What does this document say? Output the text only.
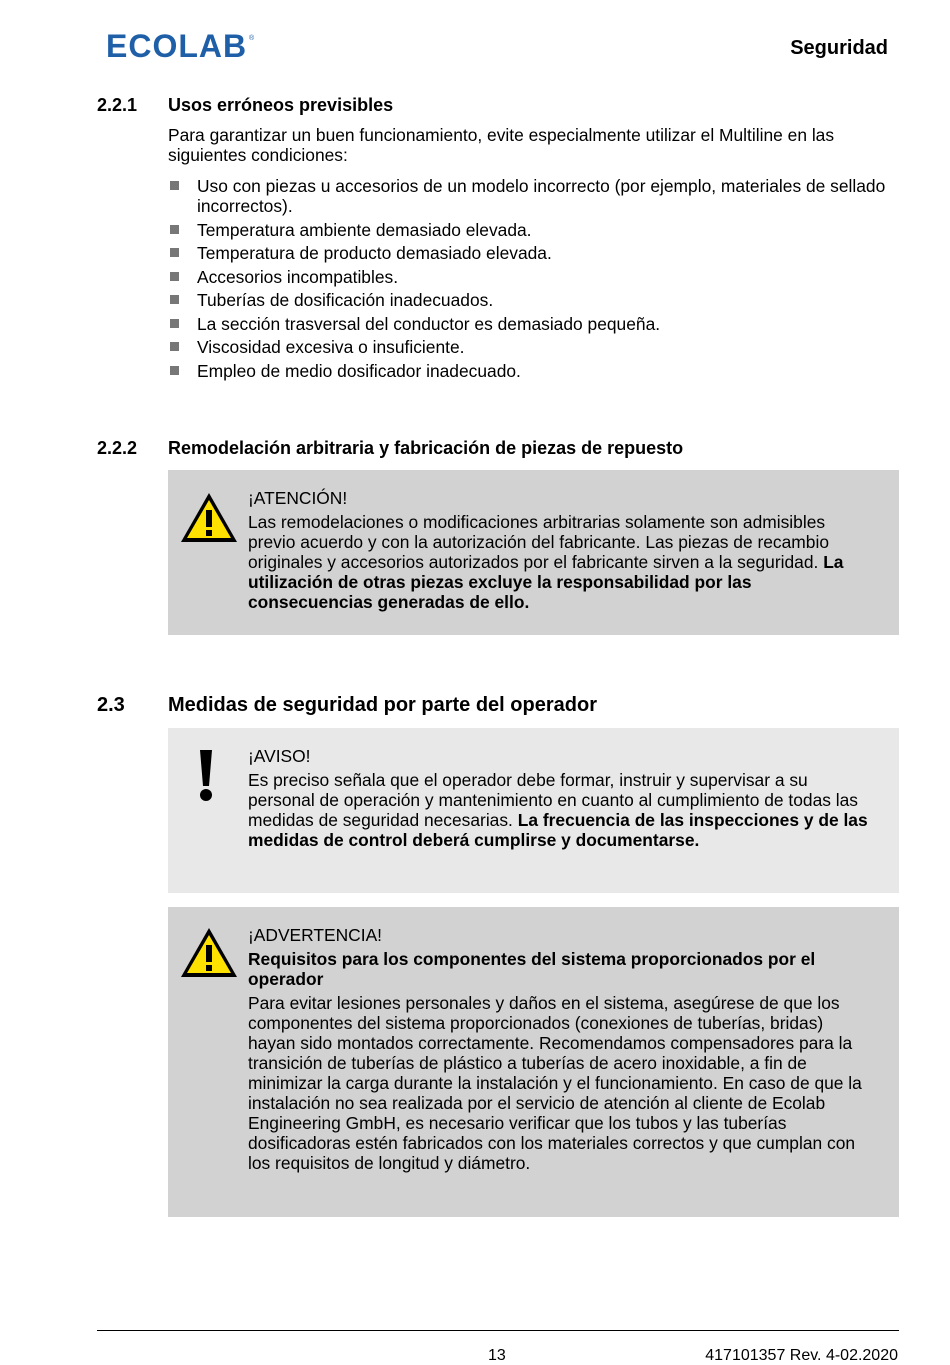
ECOLAB ®	Seguridad
2.2.1 Usos erróneos previsibles
Para garantizar un buen funcionamiento, evite especialmente utilizar el Multiline en las siguientes condiciones:
Uso con piezas u accesorios de un modelo incorrecto (por ejemplo, materiales de sellado incorrectos).
Temperatura ambiente demasiado elevada.
Temperatura de producto demasiado elevada.
Accesorios incompatibles.
Tuberías de dosificación inadecuados.
La sección trasversal del conductor es demasiado pequeña.
Viscosidad excesiva o insuficiente.
Empleo de medio dosificador inadecuado.
2.2.2 Remodelación arbitraria y fabricación de piezas de repuesto
¡ATENCIÓN!
Las remodelaciones o modificaciones arbitrarias solamente son admisibles previo acuerdo y con la autorización del fabricante. Las piezas de recambio originales y accesorios autorizados por el fabricante sirven a la seguridad. La utilización de otras piezas excluye la responsabilidad por las consecuencias generadas de ello.
2.3 Medidas de seguridad por parte del operador
¡AVISO!
Es preciso señala que el operador debe formar, instruir y supervisar a su personal de operación y mantenimiento en cuanto al cumplimiento de todas las medidas de seguridad necesarias. La frecuencia de las inspecciones y de las medidas de control deberá cumplirse y documentarse.
¡ADVERTENCIA!
Requisitos para los componentes del sistema proporcionados por el operador
Para evitar lesiones personales y daños en el sistema, asegúrese de que los componentes del sistema proporcionados (conexiones de tuberías, bridas) hayan sido montados correctamente. Recomendamos compensadores para la transición de tuberías de plástico a tuberías de acero inoxidable, a fin de minimizar la carga durante la instalación y el funcionamiento. En caso de que la instalación no sea realizada por el servicio de atención al cliente de Ecolab Engineering GmbH, es necesario verificar que los tubos y las tuberías dosificadoras estén fabricados con los materiales correctos y que cumplan con los requisitos de longitud y diámetro.
13	417101357 Rev. 4-02.2020
